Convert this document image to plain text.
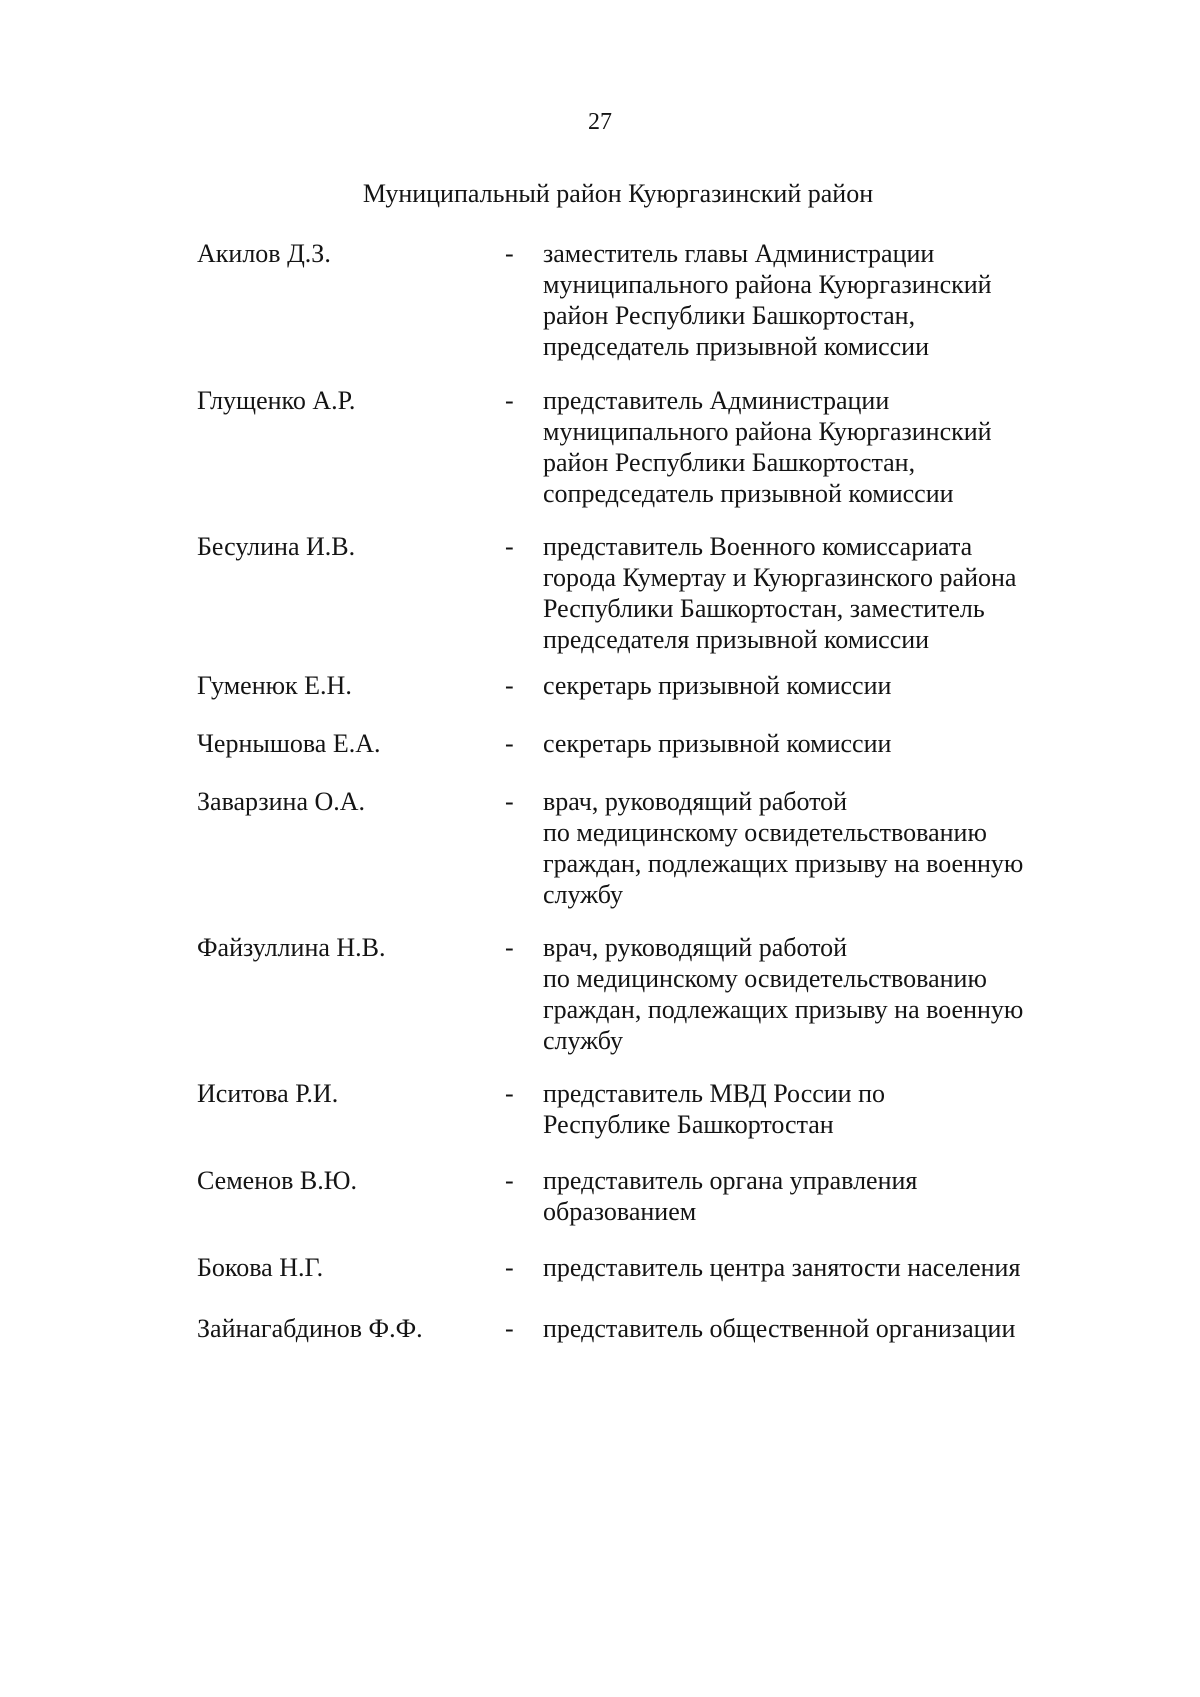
27
Муниципальный район Куюргазинский район
Акилов Д.З.	- заместитель главы Администрации
муниципального района Куюргазинский
район Республики Башкортостан,
председатель призывной комиссии
Глущенко А.Р.	- представитель Администрации
муниципального района Куюргазинский
район Республики Башкортостан,
сопредседатель призывной комиссии
Бесулина И.В.	- представитель Военного комиссариата
города Кумертау и Куюргазинского района
Республики Башкортостан, заместитель
председателя призывной комиссии
Гуменюк Е.Н.	- секретарь призывной комиссии
Чернышова Е.А.	- секретарь призывной комиссии
Заварзина О.А.	- врач, руководящий работой
по медицинскому освидетельствованию
граждан, подлежащих призыву на военную
службу
Файзуллина Н.В.	- врач, руководящий работой
по медицинскому освидетельствованию
граждан, подлежащих призыву на военную
службу
Иситова Р.И.	- представитель МВД России по
Республике Башкортостан
Семенов В.Ю.	- представитель органа управления
образованием
Бокова Н.Г.	- представитель центра занятости населения
Зайнагабдинов Ф.Ф.	- представитель общественной организации
